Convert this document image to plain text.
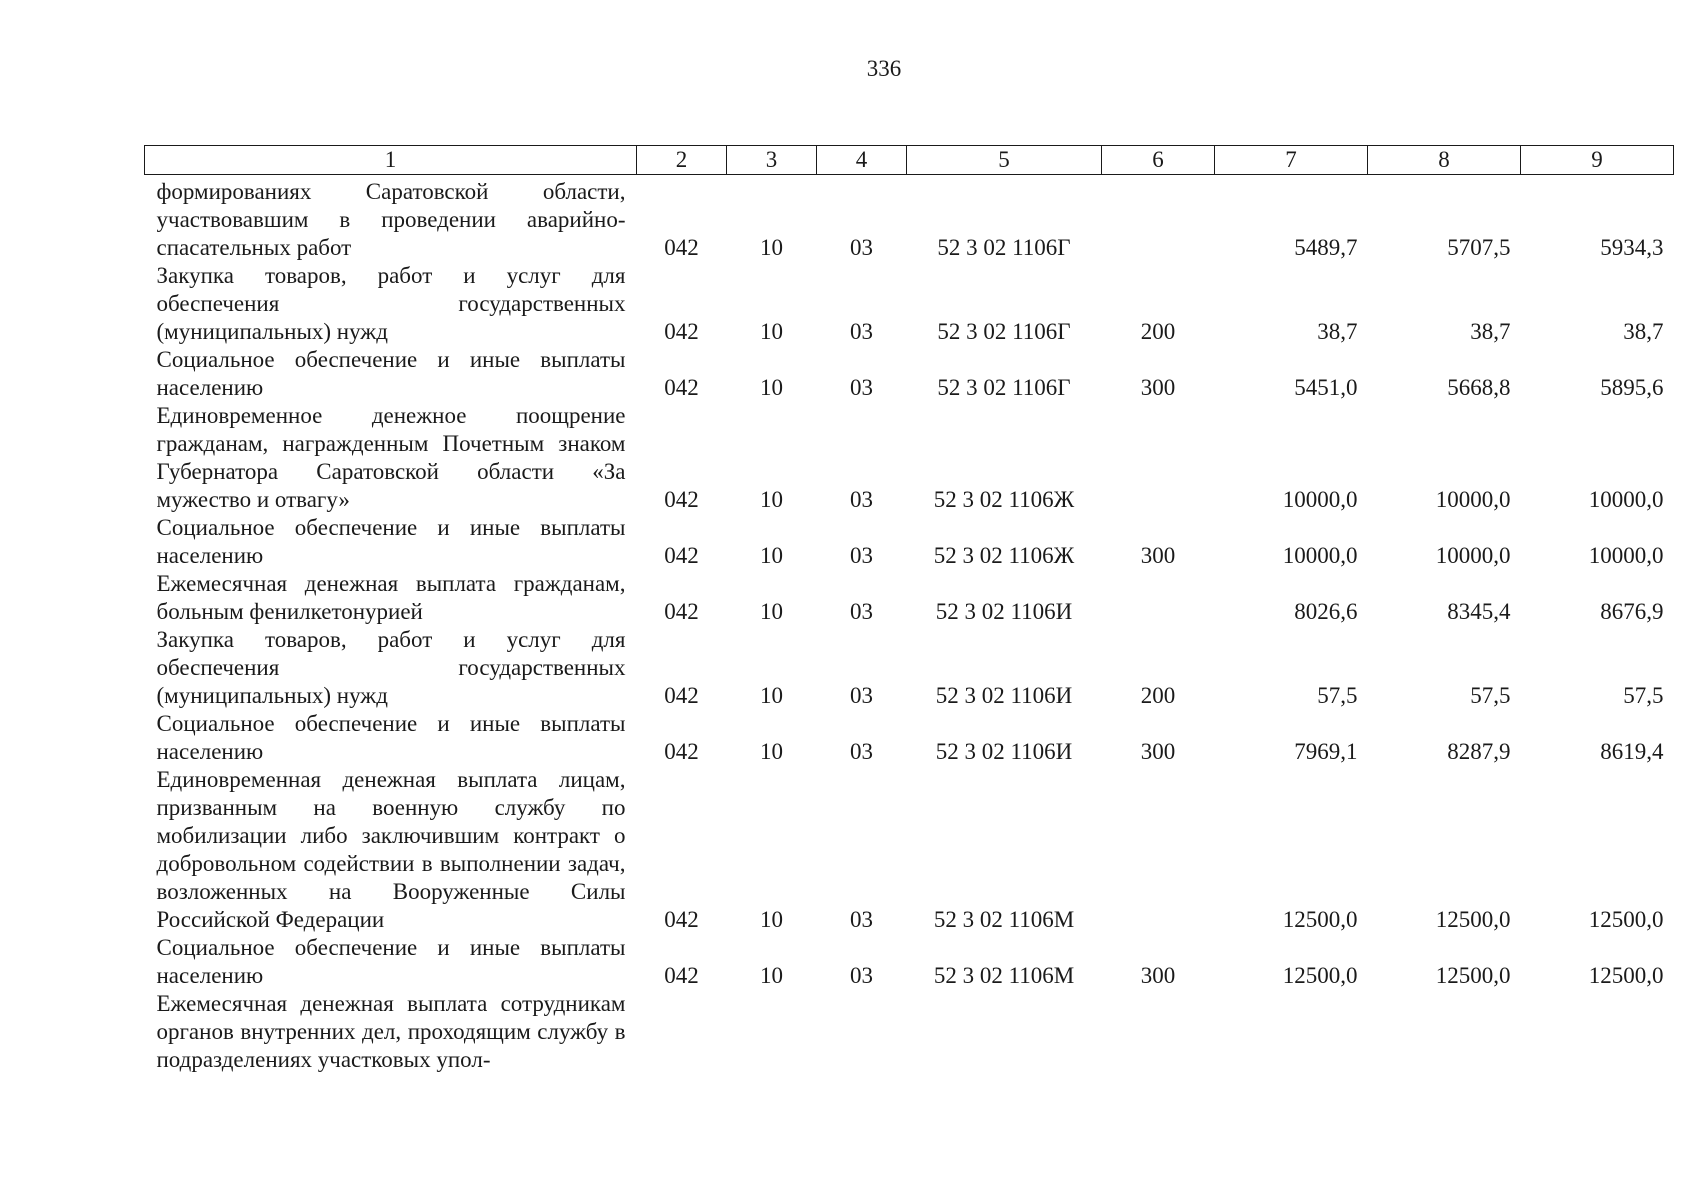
336
1	2	3	4	5	6	7	8	9
формированиях Саратовской области, участвовавшим в проведении аварийно-спасательных работ	042	10	03	52 3 02 1106Г		5489,7	5707,5	5934,3
Закупка товаров, работ и услуг для обеспечения государственных (муниципальных) нужд	042	10	03	52 3 02 1106Г	200	38,7	38,7	38,7
Социальное обеспечение и иные выплаты населению	042	10	03	52 3 02 1106Г	300	5451,0	5668,8	5895,6
Единовременное денежное поощрение гражданам, награжденным Почетным знаком Губернатора Саратовской области «За мужество и отвагу»	042	10	03	52 3 02 1106Ж		10000,0	10000,0	10000,0
Социальное обеспечение и иные выплаты населению	042	10	03	52 3 02 1106Ж	300	10000,0	10000,0	10000,0
Ежемесячная денежная выплата гражданам, больным фенилкетонурией	042	10	03	52 3 02 1106И		8026,6	8345,4	8676,9
Закупка товаров, работ и услуг для обеспечения государственных (муниципальных) нужд	042	10	03	52 3 02 1106И	200	57,5	57,5	57,5
Социальное обеспечение и иные выплаты населению	042	10	03	52 3 02 1106И	300	7969,1	8287,9	8619,4
Единовременная денежная выплата лицам, призванным на военную службу по мобилизации либо заключившим контракт о добровольном содействии в выполнении задач, возложенных на Вооруженные Силы Российской Федерации	042	10	03	52 3 02 1106М		12500,0	12500,0	12500,0
Социальное обеспечение и иные выплаты населению	042	10	03	52 3 02 1106М	300	12500,0	12500,0	12500,0
Ежемесячная денежная выплата сотрудникам органов внутренних дел, проходящим службу в подразделениях участковых упол-								
